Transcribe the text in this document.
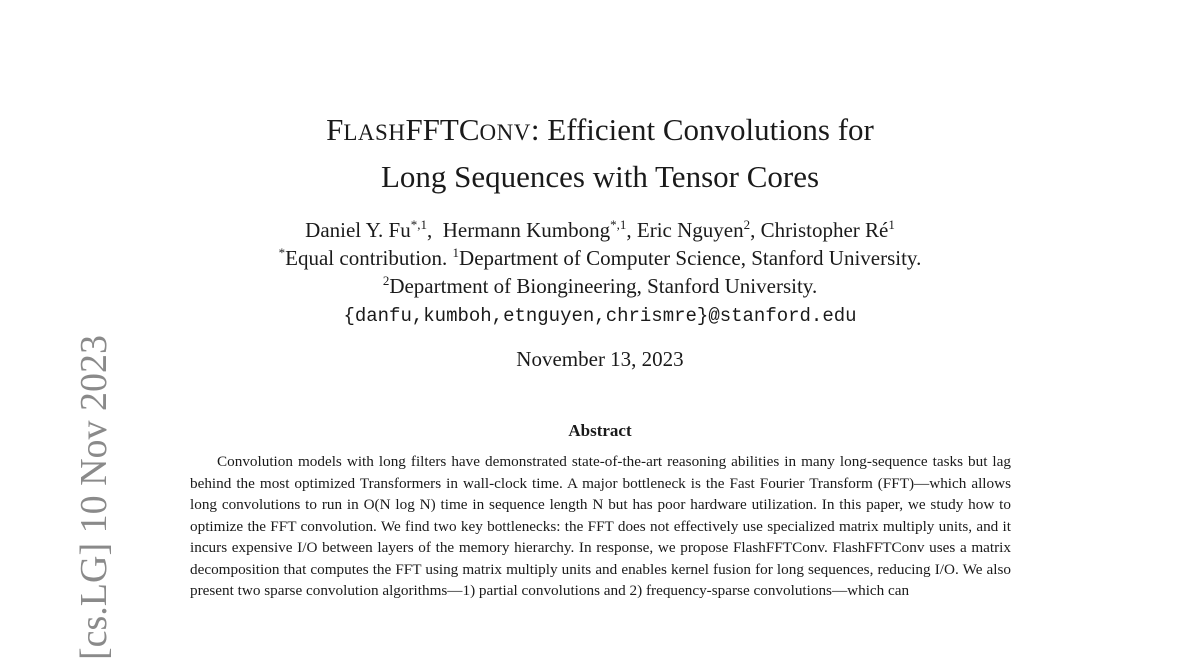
[cs.LG] 10 Nov 2023
FLASHFFTCONV: Efficient Convolutions for
Long Sequences with Tensor Cores
Daniel Y. $Fu^{*,1}$,  Hermann Kumbong$^{*,1}$, Eric Nguyen$^2$, Christopher $Ré^1$
*Equal contribution. $^1$Department of Computer Science, Stanford University.
$^2$Department of Biongineering, Stanford University.
{danfu,kumboh,etnguyen,chrismre}@stanford.edu
November 13, 2023
Abstract

Convolution models with long filters have demonstrated state-of-the-art reasoning abilities in many long-sequence tasks but lag behind the most optimized Transformers in wall-clock time. A major bottleneck is the Fast Fourier Transform (FFT)—which allows long convolutions to run in O(N log N) time in sequence length N but has poor hardware utilization. In this paper, we study how to optimize the FFT convolution. We find two key bottlenecks: the FFT does not effectively use specialized matrix multiply units, and it incurs expensive I/O between layers of the memory hierarchy. In response, we propose FlashFFTConv. FlashFFTConv uses a matrix decomposition that computes the FFT using matrix multiply units and enables kernel fusion for long sequences, reducing I/O. We also present two sparse convolution algorithms—1) partial convolutions and 2) frequency-sparse convolutions—which can
